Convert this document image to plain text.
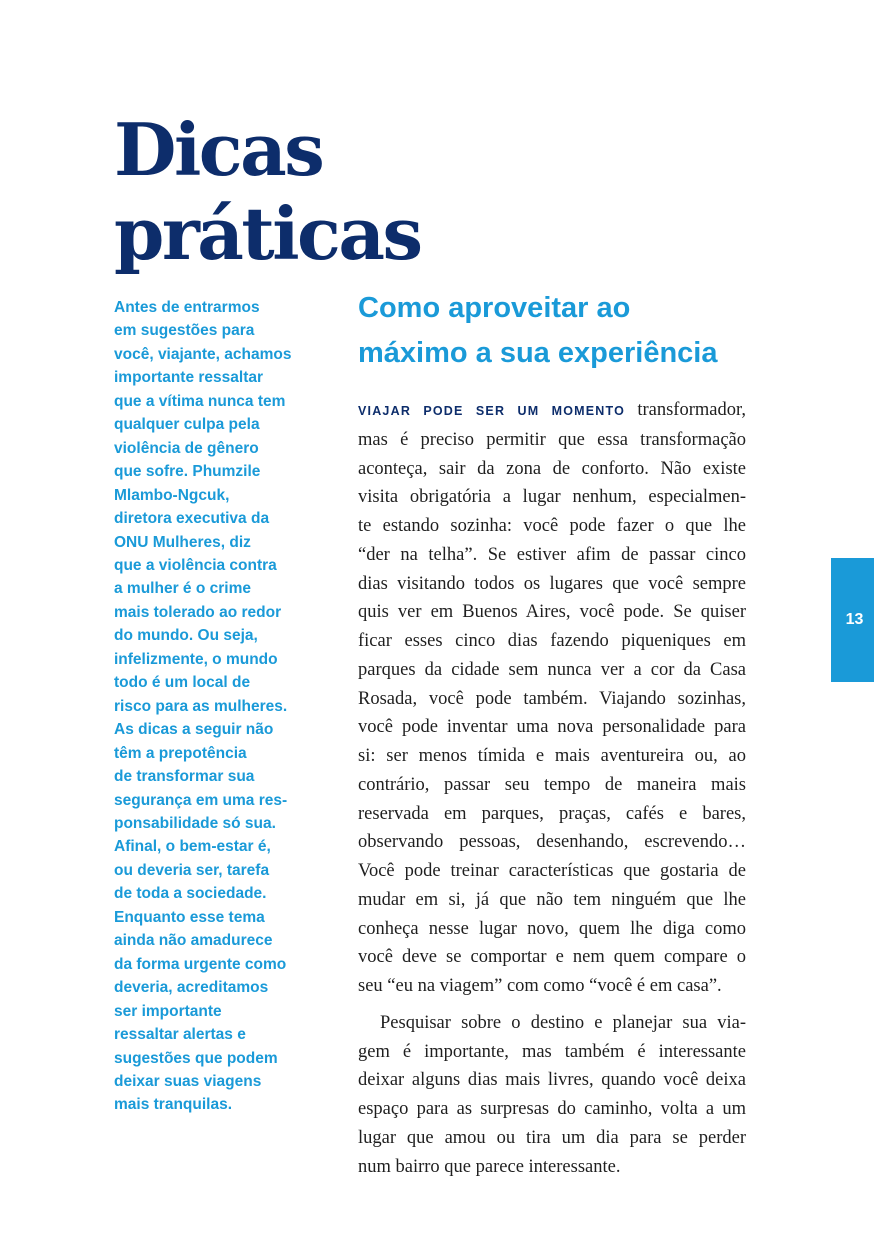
Dicas
práticas
Antes de entrarmos
em sugestões para
você, viajante, achamos
importante ressaltar
que a vítima nunca tem
qualquer culpa pela
violência de gênero
que sofre. Phumzile
Mlambo-Ngcuk,
diretora executiva da
ONU Mulheres, diz
que a violência contra
a mulher é o crime
mais tolerado ao redor
do mundo. Ou seja,
infelizmente, o mundo
todo é um local de
risco para as mulheres.
As dicas a seguir não
têm a prepotência
de transformar sua
segurança em uma res-
ponsabilidade só sua.
Afinal, o bem-estar é,
ou deveria ser, tarefa
de toda a sociedade.
Enquanto esse tema
ainda não amadurece
da forma urgente como
deveria, acreditamos
ser importante
ressaltar alertas e
sugestões que podem
deixar suas viagens
mais tranquilas.
Como aproveitar ao
máximo a sua experiência
VIAJAR PODE SER UM MOMENTO transformador,
mas é preciso permitir que essa transformação
aconteça, sair da zona de conforto. Não existe
visita obrigatória a lugar nenhum, especialmen-
te estando sozinha: você pode fazer o que lhe
“der na telha”. Se estiver afim de passar cinco
dias visitando todos os lugares que você sempre
quis ver em Buenos Aires, você pode. Se quiser
ficar esses cinco dias fazendo piqueniques em
parques da cidade sem nunca ver a cor da Casa
Rosada, você pode também. Viajando sozinhas,
você pode inventar uma nova personalidade para
si: ser menos tímida e mais aventureira ou, ao
contrário, passar seu tempo de maneira mais
reservada em parques, praças, cafés e bares,
observando pessoas, desenhando, escrevendo…
Você pode treinar características que gostaria de
mudar em si, já que não tem ninguém que lhe
conheça nesse lugar novo, quem lhe diga como
você deve se comportar e nem quem compare o
seu “eu na viagem” com como “você é em casa”.
Pesquisar sobre o destino e planejar sua via-
gem é importante, mas também é interessante
deixar alguns dias mais livres, quando você deixa
espaço para as surpresas do caminho, volta a um
lugar que amou ou tira um dia para se perder
num bairro que parece interessante.
13
